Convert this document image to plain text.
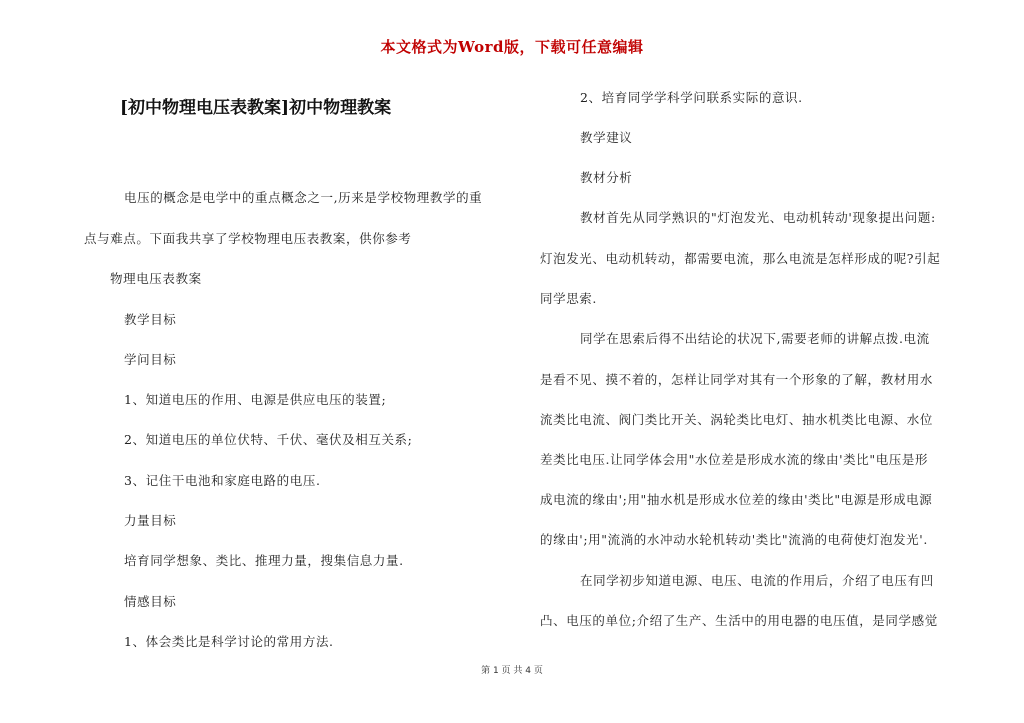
本文格式为Word版，下载可任意编辑
[初中物理电压表教案]初中物理教案

电压的概念是电学中的重点概念之一,历来是学校物理教学的重

点与难点。下面我共享了学校物理电压表教案，供你参考

物理电压表教案

教学目标

学问目标

1、知道电压的作用、电源是供应电压的装置;

2、知道电压的单位伏特、千伏、毫伏及相互关系;

3、记住干电池和家庭电路的电压.

力量目标

培育同学想象、类比、推理力量，搜集信息力量.

情感目标

1、体会类比是科学讨论的常用方法.

2、培育同学学科学问联系实际的意识.

教学建议

教材分析

教材首先从同学熟识的"灯泡发光、电动机转动'现象提出问题:

灯泡发光、电动机转动，都需要电流，那么电流是怎样形成的呢?引起

同学思索.

同学在思索后得不出结论的状况下,需要老师的讲解点拨.电流

是看不见、摸不着的，怎样让同学对其有一个形象的了解，教材用水

流类比电流、阀门类比开关、涡轮类比电灯、抽水机类比电源、水位

差类比电压.让同学体会用"水位差是形成水流的缘由'类比"电压是形

成电流的缘由';用"抽水机是形成水位差的缘由'类比"电源是形成电源

的缘由';用"流淌的水冲动水轮机转动'类比"流淌的电荷使灯泡发光'.

在同学初步知道电源、电压、电流的作用后，介绍了电压有凹

凸、电压的单位;介绍了生产、生活中的用电器的电压值，是同学感觉

第 1 页 共 4 页
